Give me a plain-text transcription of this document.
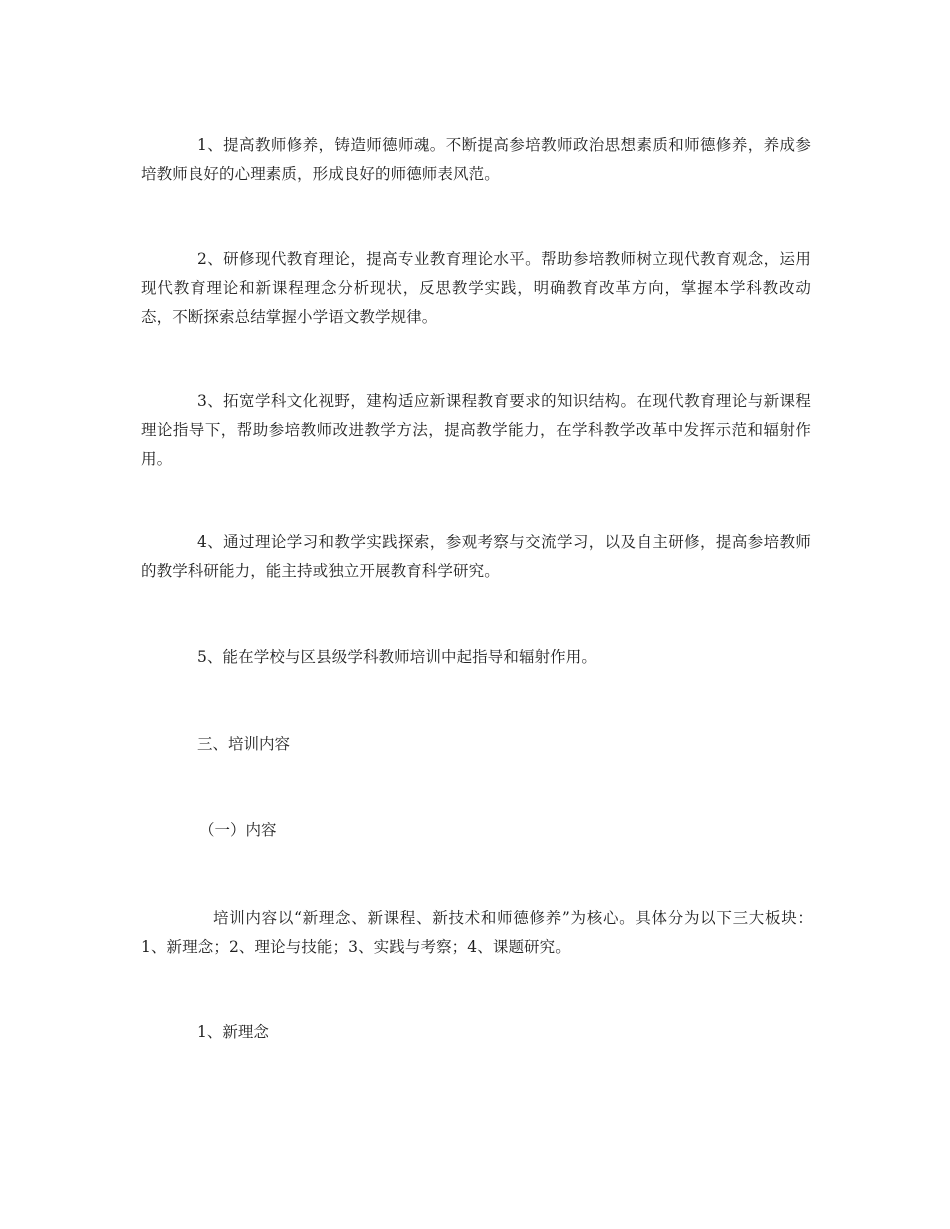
1、提高教师修养，铸造师德师魂。不断提高参培教师政治思想素质和师德修养，养成参培教师良好的心理素质，形成良好的师德师表风范。

2、研修现代教育理论，提高专业教育理论水平。帮助参培教师树立现代教育观念，运用现代教育理论和新课程理念分析现状，反思教学实践，明确教育改革方向，掌握本学科教改动态，不断探索总结掌握小学语文教学规律。

3、拓宽学科文化视野，建构适应新课程教育要求的知识结构。在现代教育理论与新课程理论指导下，帮助参培教师改进教学方法，提高教学能力，在学科教学改革中发挥示范和辐射作用。

4、通过理论学习和教学实践探索，参观考察与交流学习，以及自主研修，提高参培教师的教学科研能力，能主持或独立开展教育科学研究。

5、能在学校与区县级学科教师培训中起指导和辐射作用。

三、培训内容

（一）内容

培训内容以“新理念、新课程、新技术和师德修养”为核心。具体分为以下三大板块：1、新理念；2、理论与技能；3、实践与考察；4、课题研究。

1、新理念
